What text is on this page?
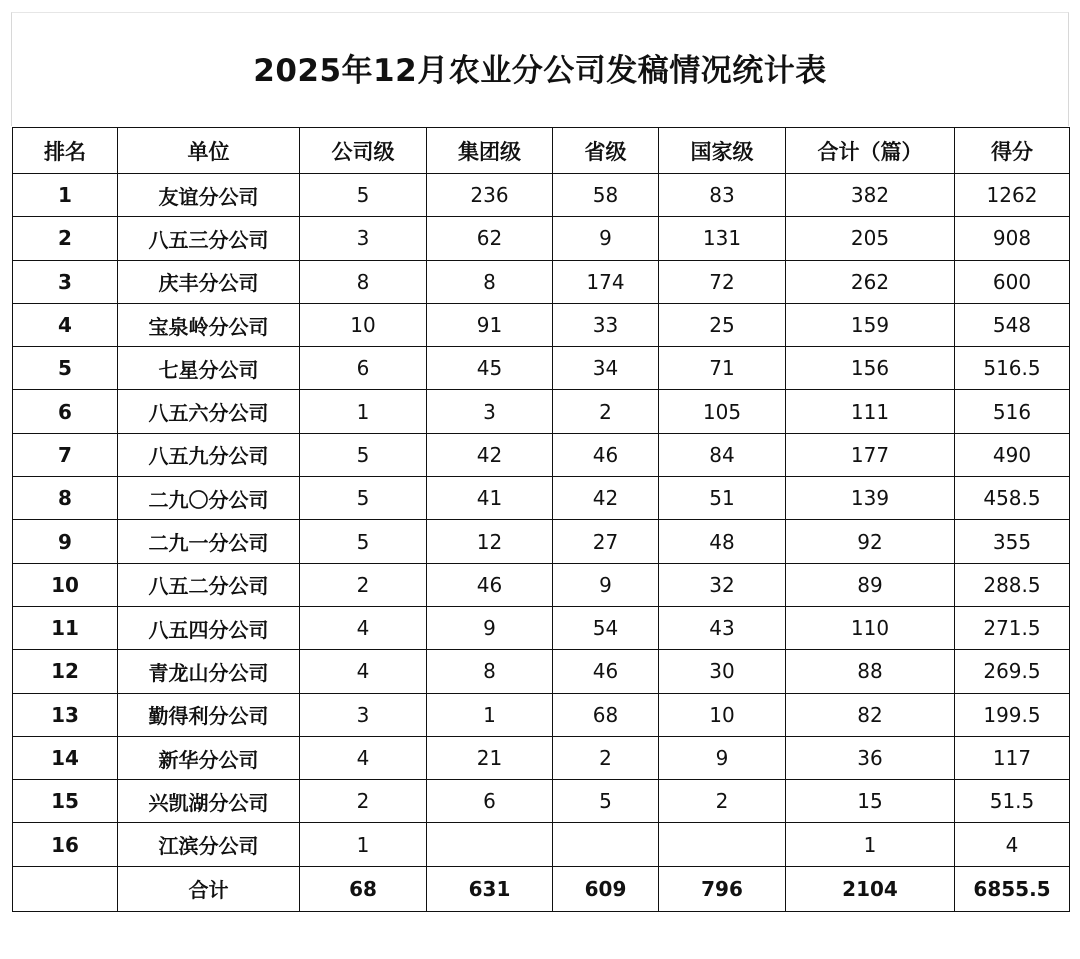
2025年12月农业分公司发稿情况统计表
排名	单位	公司级	集团级	省级	国家级	合计（篇）	得分
1	友谊分公司	5	236	58	83	382	1262
2	八五三分公司	3	62	9	131	205	908
3	庆丰分公司	8	8	174	72	262	600
4	宝泉岭分公司	10	91	33	25	159	548
5	七星分公司	6	45	34	71	156	516.5
6	八五六分公司	1	3	2	105	111	516
7	八五九分公司	5	42	46	84	177	490
8	二九〇分公司	5	41	42	51	139	458.5
9	二九一分公司	5	12	27	48	92	355
10	八五二分公司	2	46	9	32	89	288.5
11	八五四分公司	4	9	54	43	110	271.5
12	青龙山分公司	4	8	46	30	88	269.5
13	勤得利分公司	3	1	68	10	82	199.5
14	新华分公司	4	21	2	9	36	117
15	兴凯湖分公司	2	6	5	2	15	51.5
16	江滨分公司	1				1	4
	合计	68	631	609	796	2104	6855.5
